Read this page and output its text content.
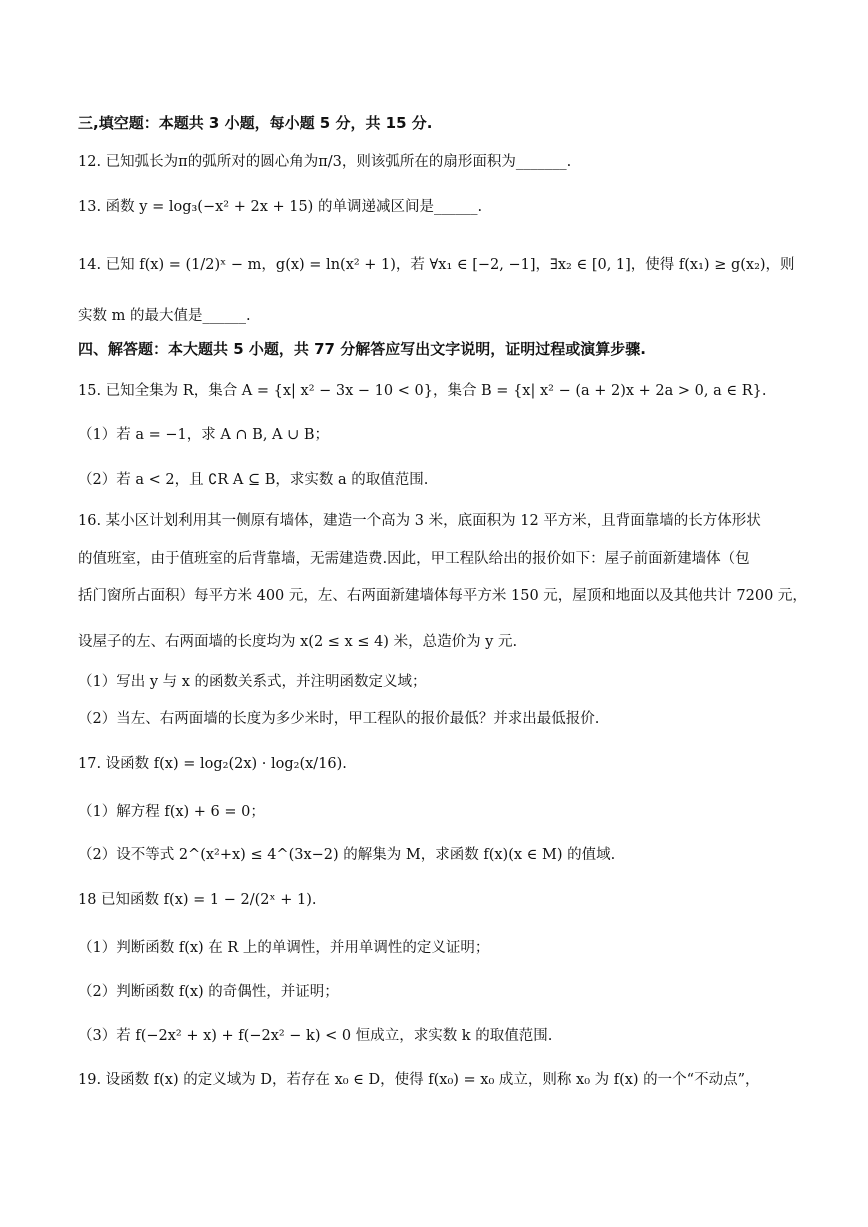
三,填空题：本题共 3 小题，每小题 5 分，共 15 分.
12. 已知弧长为π的弧所对的圆心角为π/3，则该弧所在的扇形面积为_______.
13. 函数 y = log₃(−x² + 2x + 15) 的单调递减区间是______.
14. 已知 f(x) = (1/2)ˣ − m，g(x) = ln(x² + 1)，若 ∀x₁ ∈ [−2, −1]，∃x₂ ∈ [0, 1]，使得 f(x₁) ≥ g(x₂)，则
实数 m 的最大值是______.
四、解答题：本大题共 5 小题，共 77 分解答应写出文字说明，证明过程或演算步骤.
15. 已知全集为 R，集合 A = {x| x² − 3x − 10 < 0}，集合 B = {x| x² − (a + 2)x + 2a > 0, a ∈ R}.
（1）若 a = −1，求 A ∩ B, A ∪ B；
（2）若 a < 2，且 ∁R A ⊆ B，求实数 a 的取值范围.
16. 某小区计划利用其一侧原有墙体，建造一个高为 3 米，底面积为 12 平方米，且背面靠墙的长方体形状
的值班室，由于值班室的后背靠墙，无需建造费.因此，甲工程队给出的报价如下：屋子前面新建墙体（包
括门窗所占面积）每平方米 400 元，左、右两面新建墙体每平方米 150 元，屋顶和地面以及其他共计 7200 元，
设屋子的左、右两面墙的长度均为 x(2 ≤ x ≤ 4) 米，总造价为 y 元.
（1）写出 y 与 x 的函数关系式，并注明函数定义域；
（2）当左、右两面墙的长度为多少米时，甲工程队的报价最低？并求出最低报价.
17. 设函数 f(x) = log₂(2x) · log₂(x/16).
（1）解方程 f(x) + 6 = 0；
（2）设不等式 2^(x²+x) ≤ 4^(3x−2) 的解集为 M，求函数 f(x)(x ∈ M) 的值域.
18 已知函数 f(x) = 1 − 2/(2ˣ + 1).
（1）判断函数 f(x) 在 R 上的单调性，并用单调性的定义证明；
（2）判断函数 f(x) 的奇偶性，并证明；
（3）若 f(−2x² + x) + f(−2x² − k) < 0 恒成立，求实数 k 的取值范围.
19. 设函数 f(x) 的定义域为 D，若存在 x₀ ∈ D，使得 f(x₀) = x₀ 成立，则称 x₀ 为 f(x) 的一个“不动点”，
